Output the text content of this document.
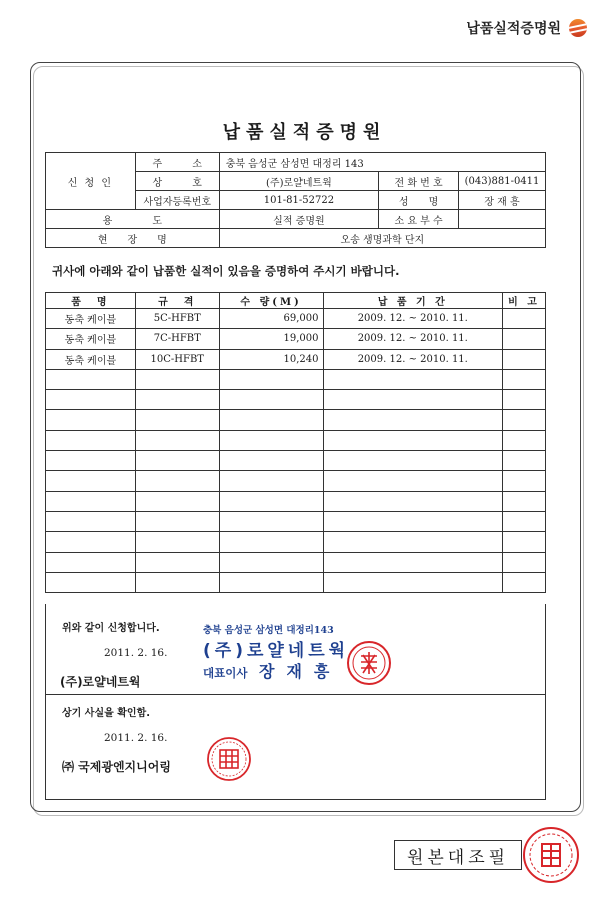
납품실적증명원
납품실적증명원
신 청 인	주　　　소	충북 음성군 삼성면 대정리 143		
	상　　　호	(주)로얄네트웍	전 화 번 호	(043)881-0411
	사업자등록번호	101-81-52722	성　　명	장 재 흥
용　　　　도		실적 증명원	소 요 부 수	
현　　장　　명		오송 생명과학 단지		
귀사에 아래와 같이 납품한 실적이 있음을 증명하여 주시기 바랍니다.
품　명	규　격	수 량(M)	납 품 기 간	비 고
동축 케이블	5C-HFBT	69,000	2009. 12. ~ 2010. 11.	
동축 케이블	7C-HFBT	19,000	2009. 12. ~ 2010. 11.	
동축 케이블	10C-HFBT	10,240	2009. 12. ~ 2010. 11.	

위와 같이 신청합니다.
2011. 2. 16.
(주)로얄네트웍
충북 음성군 삼성면 대정리143
(주)로얄네트웍
대표이사 장재흥
상기 사실을 확인함.
2011. 2. 16.
㈜ 국제광엔지니어링
원본대조필
